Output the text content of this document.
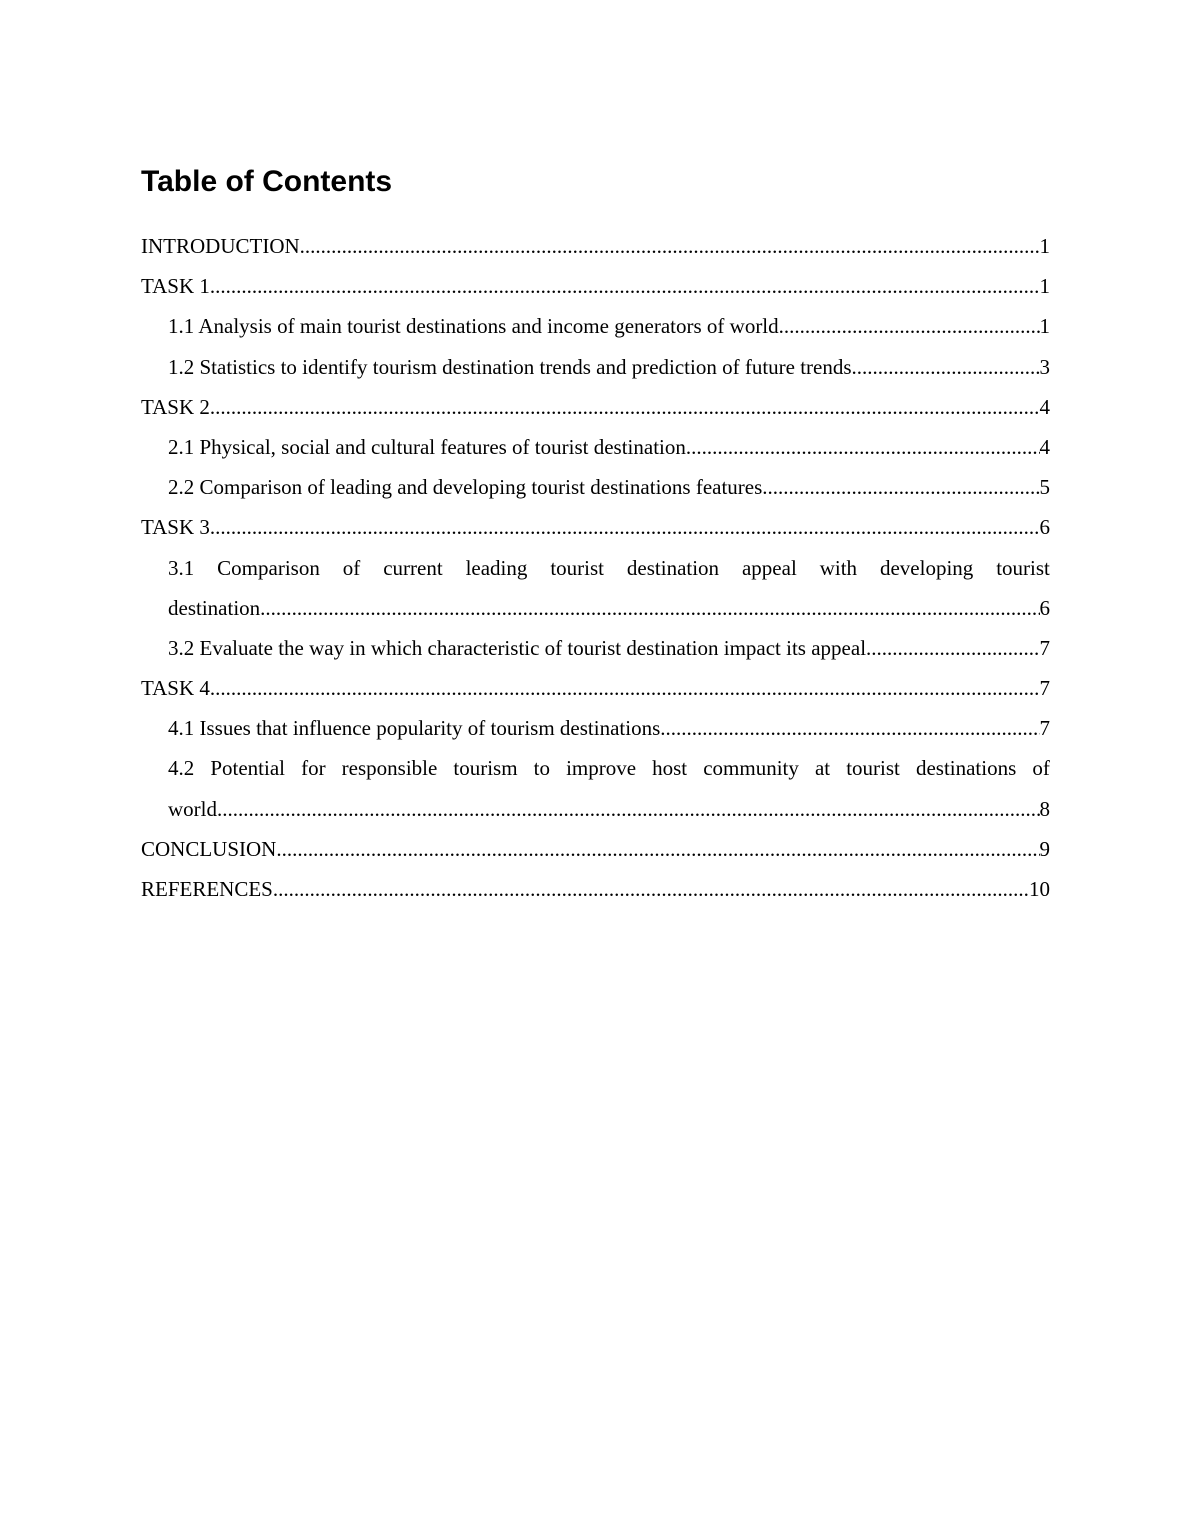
Table of Contents
INTRODUCTION .....	1
TASK 1 .....	1
1.1 Analysis of main tourist destinations and income generators of world .....	1
1.2 Statistics to identify tourism destination trends and prediction of future trends .....	3
TASK 2 .....	4
2.1 Physical, social and cultural features of tourist destination .....	4
2.2 Comparison of leading and developing tourist destinations features .....	5
TASK 3 .....	6
3.1 Comparison of current leading tourist destination appeal with developing tourist
destination .....	6
3.2 Evaluate the way in which characteristic of tourist destination impact its appeal .....	7
TASK 4 .....	7
4.1 Issues that influence popularity of tourism destinations .....	7
4.2 Potential for responsible tourism to improve host community at tourist destinations of
world .....	8
CONCLUSION .....	9
REFERENCES .....	10
